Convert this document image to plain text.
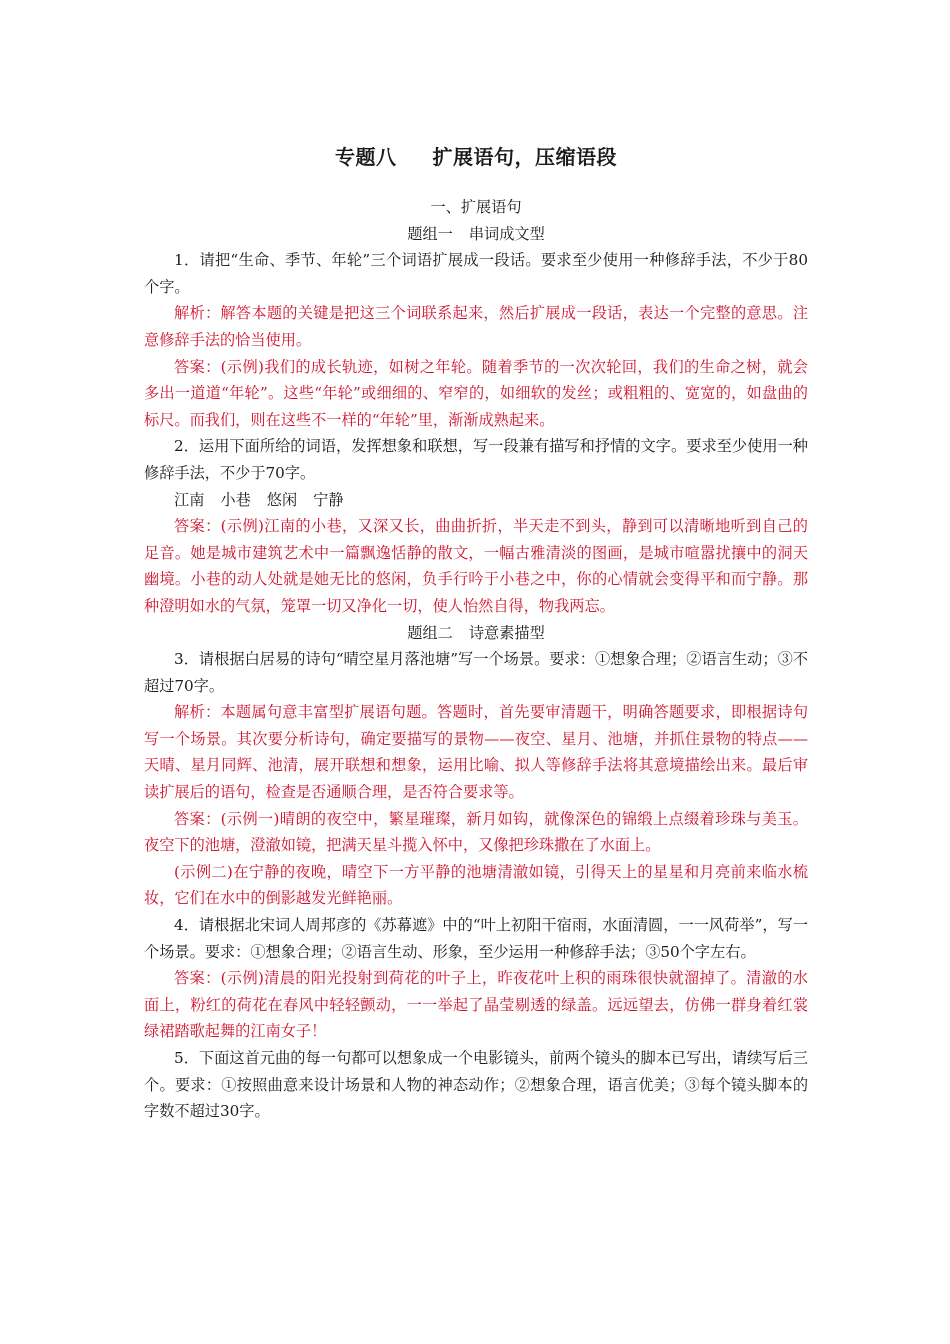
专题八 扩展语句，压缩语段

一、扩展语句

题组一 串词成文型

1．请把“生命、季节、年轮”三个词语扩展成一段话。要求至少使用一种修辞手法，不少于80个字。

解析：解答本题的关键是把这三个词联系起来，然后扩展成一段话，表达一个完整的意思。注意修辞手法的恰当使用。

答案：(示例)我们的成长轨迹，如树之年轮。随着季节的一次次轮回，我们的生命之树，就会多出一道道“年轮”。这些“年轮”或细细的、窄窄的，如细软的发丝；或粗粗的、宽宽的，如盘曲的标尺。而我们，则在这些不一样的“年轮”里，渐渐成熟起来。

2．运用下面所给的词语，发挥想象和联想，写一段兼有描写和抒情的文字。要求至少使用一种修辞手法，不少于70字。

江南 小巷 悠闲 宁静

答案：(示例)江南的小巷，又深又长，曲曲折折，半天走不到头，静到可以清晰地听到自己的足音。她是城市建筑艺术中一篇飘逸恬静的散文，一幅古雅清淡的图画，是城市喧嚣扰攘中的洞天幽境。小巷的动人处就是她无比的悠闲，负手行吟于小巷之中，你的心情就会变得平和而宁静。那种澄明如水的气氛，笼罩一切又净化一切，使人怡然自得，物我两忘。

题组二 诗意素描型

3．请根据白居易的诗句“晴空星月落池塘”写一个场景。要求：①想象合理；②语言生动；③不超过70字。

解析：本题属句意丰富型扩展语句题。答题时，首先要审清题干，明确答题要求，即根据诗句写一个场景。其次要分析诗句，确定要描写的景物——夜空、星月、池塘，并抓住景物的特点——天晴、星月同辉、池清，展开联想和想象，运用比喻、拟人等修辞手法将其意境描绘出来。最后审读扩展后的语句，检查是否通顺合理，是否符合要求等。

答案：(示例一)晴朗的夜空中，繁星璀璨，新月如钩，就像深色的锦缎上点缀着珍珠与美玉。夜空下的池塘，澄澈如镜，把满天星斗揽入怀中，又像把珍珠撒在了水面上。

(示例二)在宁静的夜晚，晴空下一方平静的池塘清澈如镜，引得天上的星星和月亮前来临水梳妆，它们在水中的倒影越发光鲜艳丽。

4．请根据北宋词人周邦彦的《苏幕遮》中的“叶上初阳干宿雨，水面清圆，一一风荷举”，写一个场景。要求：①想象合理；②语言生动、形象，至少运用一种修辞手法；③50个字左右。

答案：(示例)清晨的阳光投射到荷花的叶子上，昨夜花叶上积的雨珠很快就溜掉了。清澈的水面上，粉红的荷花在春风中轻轻颤动，一一举起了晶莹剔透的绿盖。远远望去，仿佛一群身着红裳绿裙踏歌起舞的江南女子！

5．下面这首元曲的每一句都可以想象成一个电影镜头，前两个镜头的脚本已写出，请续写后三个。要求：①按照曲意来设计场景和人物的神态动作；②想象合理，语言优美；③每个镜头脚本的字数不超过30字。
